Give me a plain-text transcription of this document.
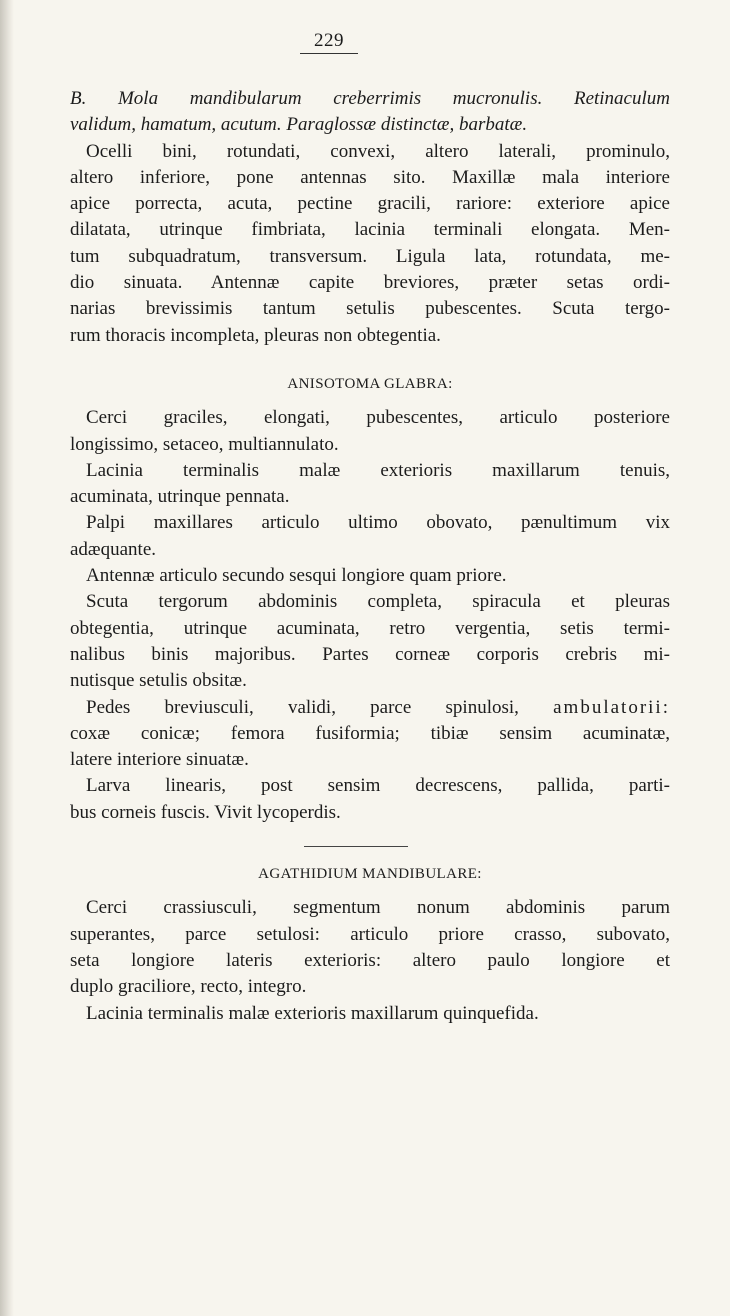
229
B. Mola mandibularum creberrimis mucronulis. Retinaculum
validum, hamatum, acutum. Paraglossæ distinctæ, barbatæ.
Ocelli bini, rotundati, convexi, altero laterali, prominulo,
altero inferiore, pone antennas sito. Maxillæ mala interiore
apice porrecta, acuta, pectine gracili, rariore: exteriore apice
dilatata, utrinque fimbriata, lacinia terminali elongata. Men-
tum subquadratum, transversum. Ligula lata, rotundata, me-
dio sinuata. Antennæ capite breviores, præter setas ordi-
narias brevissimis tantum setulis pubescentes. Scuta tergo-
rum thoracis incompleta, pleuras non obtegentia.
ANISOTOMA GLABRA:
Cerci graciles, elongati, pubescentes, articulo posteriore
longissimo, setaceo, multiannulato.
Lacinia terminalis malæ exterioris maxillarum tenuis,
acuminata, utrinque pennata.
Palpi maxillares articulo ultimo obovato, pænultimum vix
adæquante.
Antennæ articulo secundo sesqui longiore quam priore.
Scuta tergorum abdominis completa, spiracula et pleuras
obtegentia, utrinque acuminata, retro vergentia, setis termi-
nalibus binis majoribus. Partes corneæ corporis crebris mi-
nutisque setulis obsitæ.
Pedes breviusculi, validi, parce spinulosi, ambulatorii:
coxæ conicæ; femora fusiformia; tibiæ sensim acuminatæ,
latere interiore sinuatæ.
Larva linearis, post sensim decrescens, pallida, parti-
bus corneis fuscis. Vivit lycoperdis.
AGATHIDIUM MANDIBULARE:
Cerci crassiusculi, segmentum nonum abdominis parum
superantes, parce setulosi: articulo priore crasso, subovato,
seta longiore lateris exterioris: altero paulo longiore et
duplo graciliore, recto, integro.
Lacinia terminalis malæ exterioris maxillarum quinquefida.
